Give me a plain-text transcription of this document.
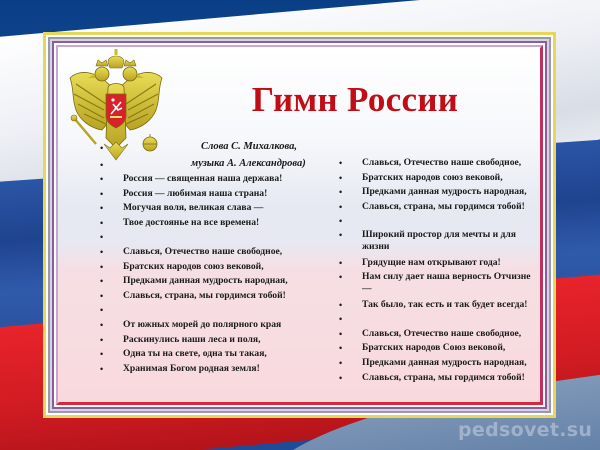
Гимн России
•	Слова С. Михалкова,
•	музыка А. Александрова)
• Россия — священная наша держава!
• Россия — любимая наша страна!
• Могучая воля, великая слава —
• Твое достоянье на все времена!
•
• Славься, Отечество наше свободное,
• Братских народов союз вековой,
• Предками данная мудрость народная,
• Славься, страна, мы гордимся тобой!
•
• От южных морей до полярного края
• Раскинулись наши леса и поля,
• Одна ты на свете, одна ты такая,
• Хранимая Богом родная земля!
• Славься, Отечество наше свободное,
• Братских народов союз вековой,
• Предками данная мудрость народная,
• Славься, страна, мы гордимся тобой!
•
• Широкий простор для мечты и для жизни
• Грядущие нам открывают года!
• Нам силу дает наша верность Отчизне —
• Так было, так есть и так будет всегда!
•
• Славься, Отечество наше свободное,
• Братских народов Союз вековой,
• Предками данная мудрость народная,
• Славься, страна, мы гордимся тобой!
pedsovet.su
